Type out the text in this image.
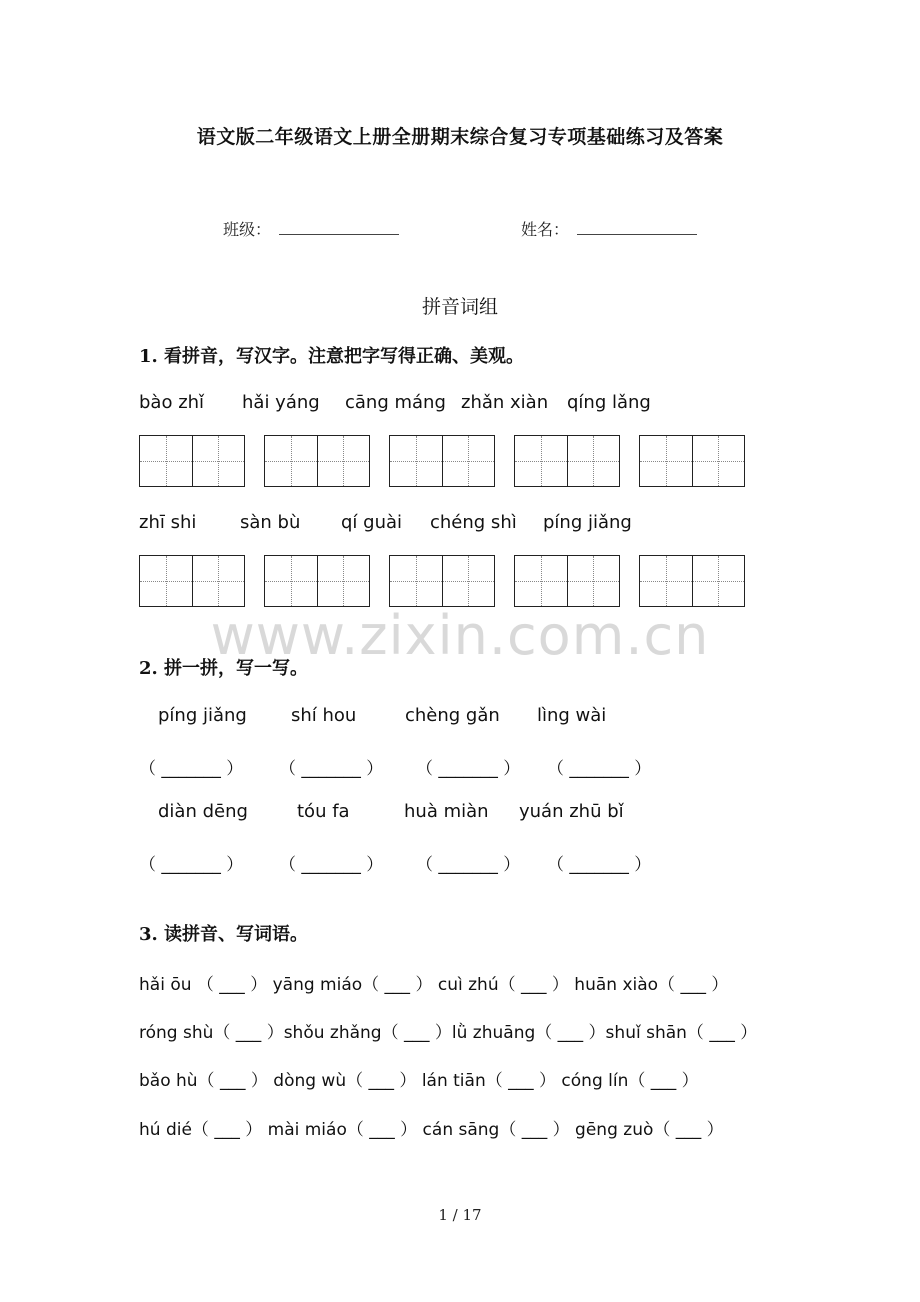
语文版二年级语文上册全册期末综合复习专项基础练习及答案
班级：	姓名：
拼音词组
1. 看拼音，写汉字。注意把字写得正确、美观。
bào zhǐ hǎi yáng cāng máng zhǎn xiàn qíng lǎng
zhī shi sàn bù qí guài chéng shì píng jiǎng
www.zixin.com.cn
2. 拼一拼，写一写。
píng jiǎng shí hou	chèng gǎn lìng wài
（ _______ ） （ _______ ） （ _______ ） （ _______ ）
diàn dēng	tóu fa	huà miàn yuán zhū bǐ
（ _______ ） （ _______ ） （ _______ ） （ _______ ）
3. 读拼音、写词语。
hǎi ōu （ ___ ） yāng miáo（ ___ ） cuì zhú（ ___ ） huān xiào（ ___ ）
róng shù（ ___ ）shǒu zhǎng（ ___ ）lǜ zhuāng（ ___ ）shuǐ shān（ ___ ）
bǎo hù（ ___ ） dòng wù（ ___ ） lán tiān（ ___ ） cóng lín（ ___ ）
hú dié（ ___ ） mài miáo（ ___ ） cán sāng（ ___ ） gēng zuò（ ___ ）
1 / 17
